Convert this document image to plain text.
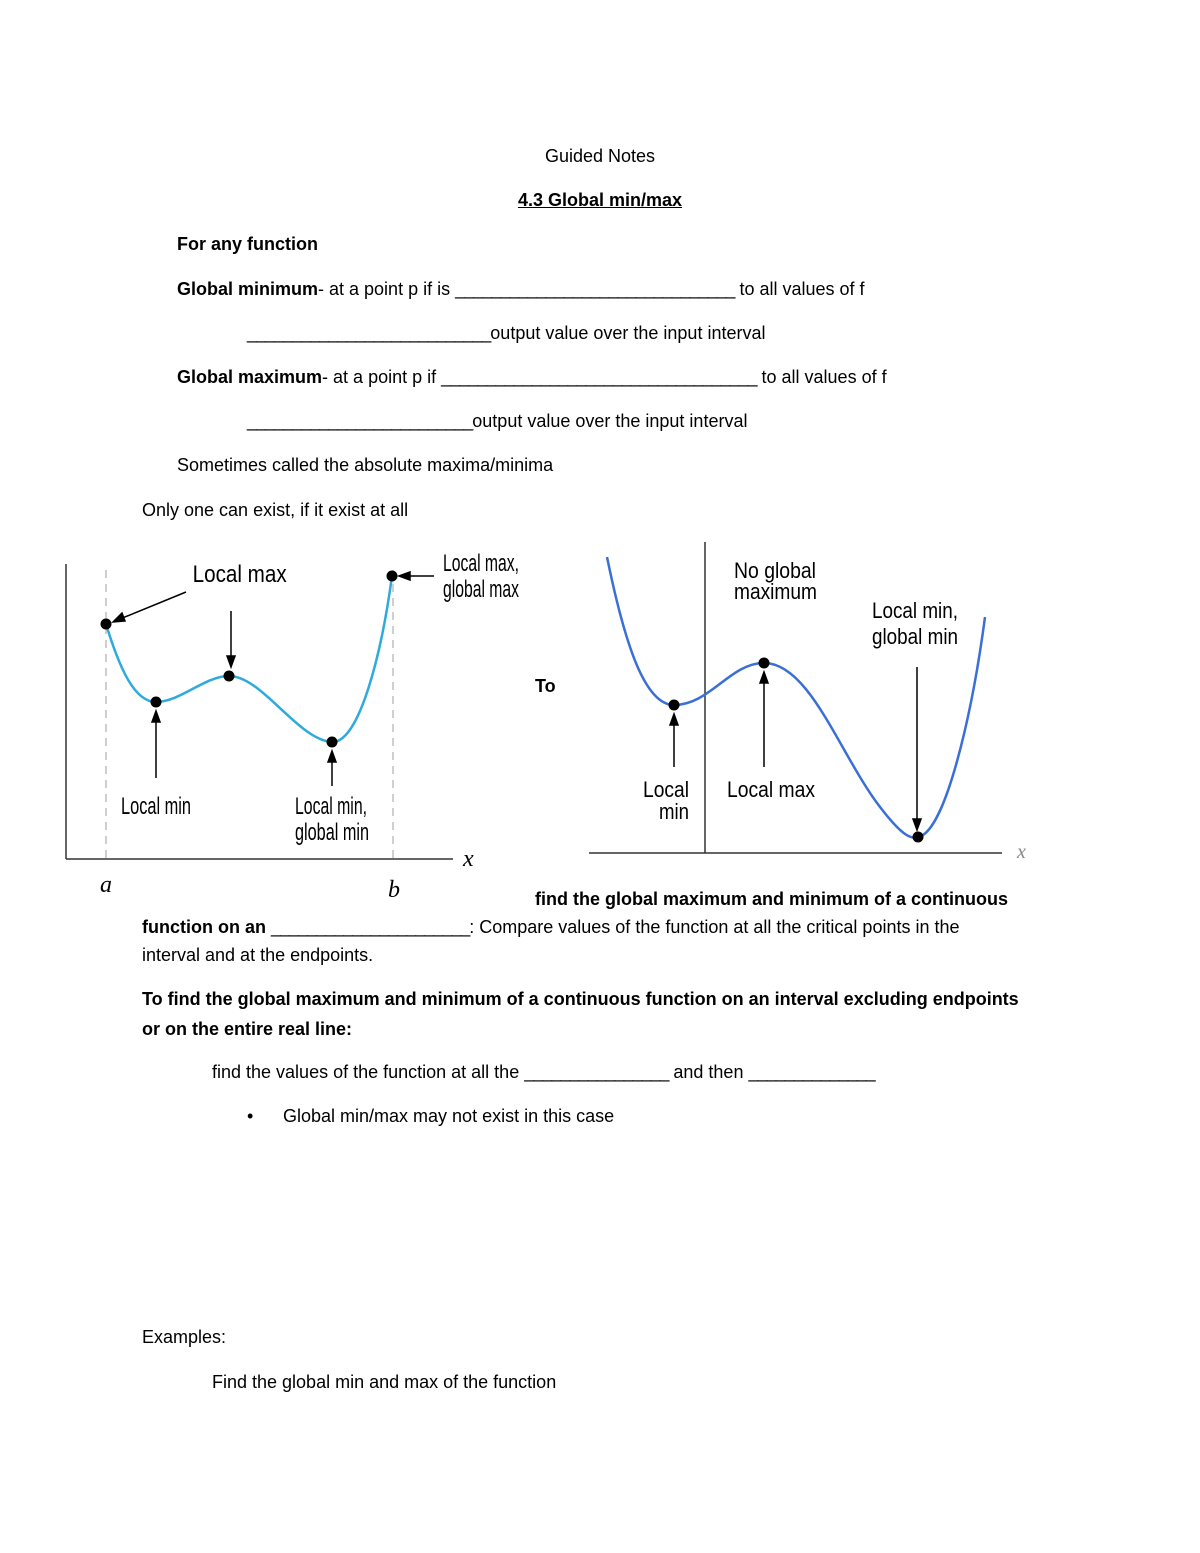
Guided Notes
4.3 Global min/max
For any function
Global minimum- at a point p if is _______________________________ to all values of f
___________________________output value over the input interval
Global maximum- at a point p if ___________________________________ to all values of f
_________________________output value over the input interval
Sometimes called the absolute maxima/minima
Only one can exist, if it exist at all
Local max	Local max,
global max
Local min	Local min,
global min
x
a	b
To
No global
maximum
Local min,
global min
Local
min
Local max
x
find the global maximum and minimum of a continuous
function on an ______________________: Compare values of the function at all the critical points in the
interval and at the endpoints.
To find the global maximum and minimum of a continuous function on an interval excluding endpoints
or on the entire real line:
find the values of the function at all the ________________ and then ______________
• Global min/max may not exist in this case
Examples:
Find the global min and max of the function
